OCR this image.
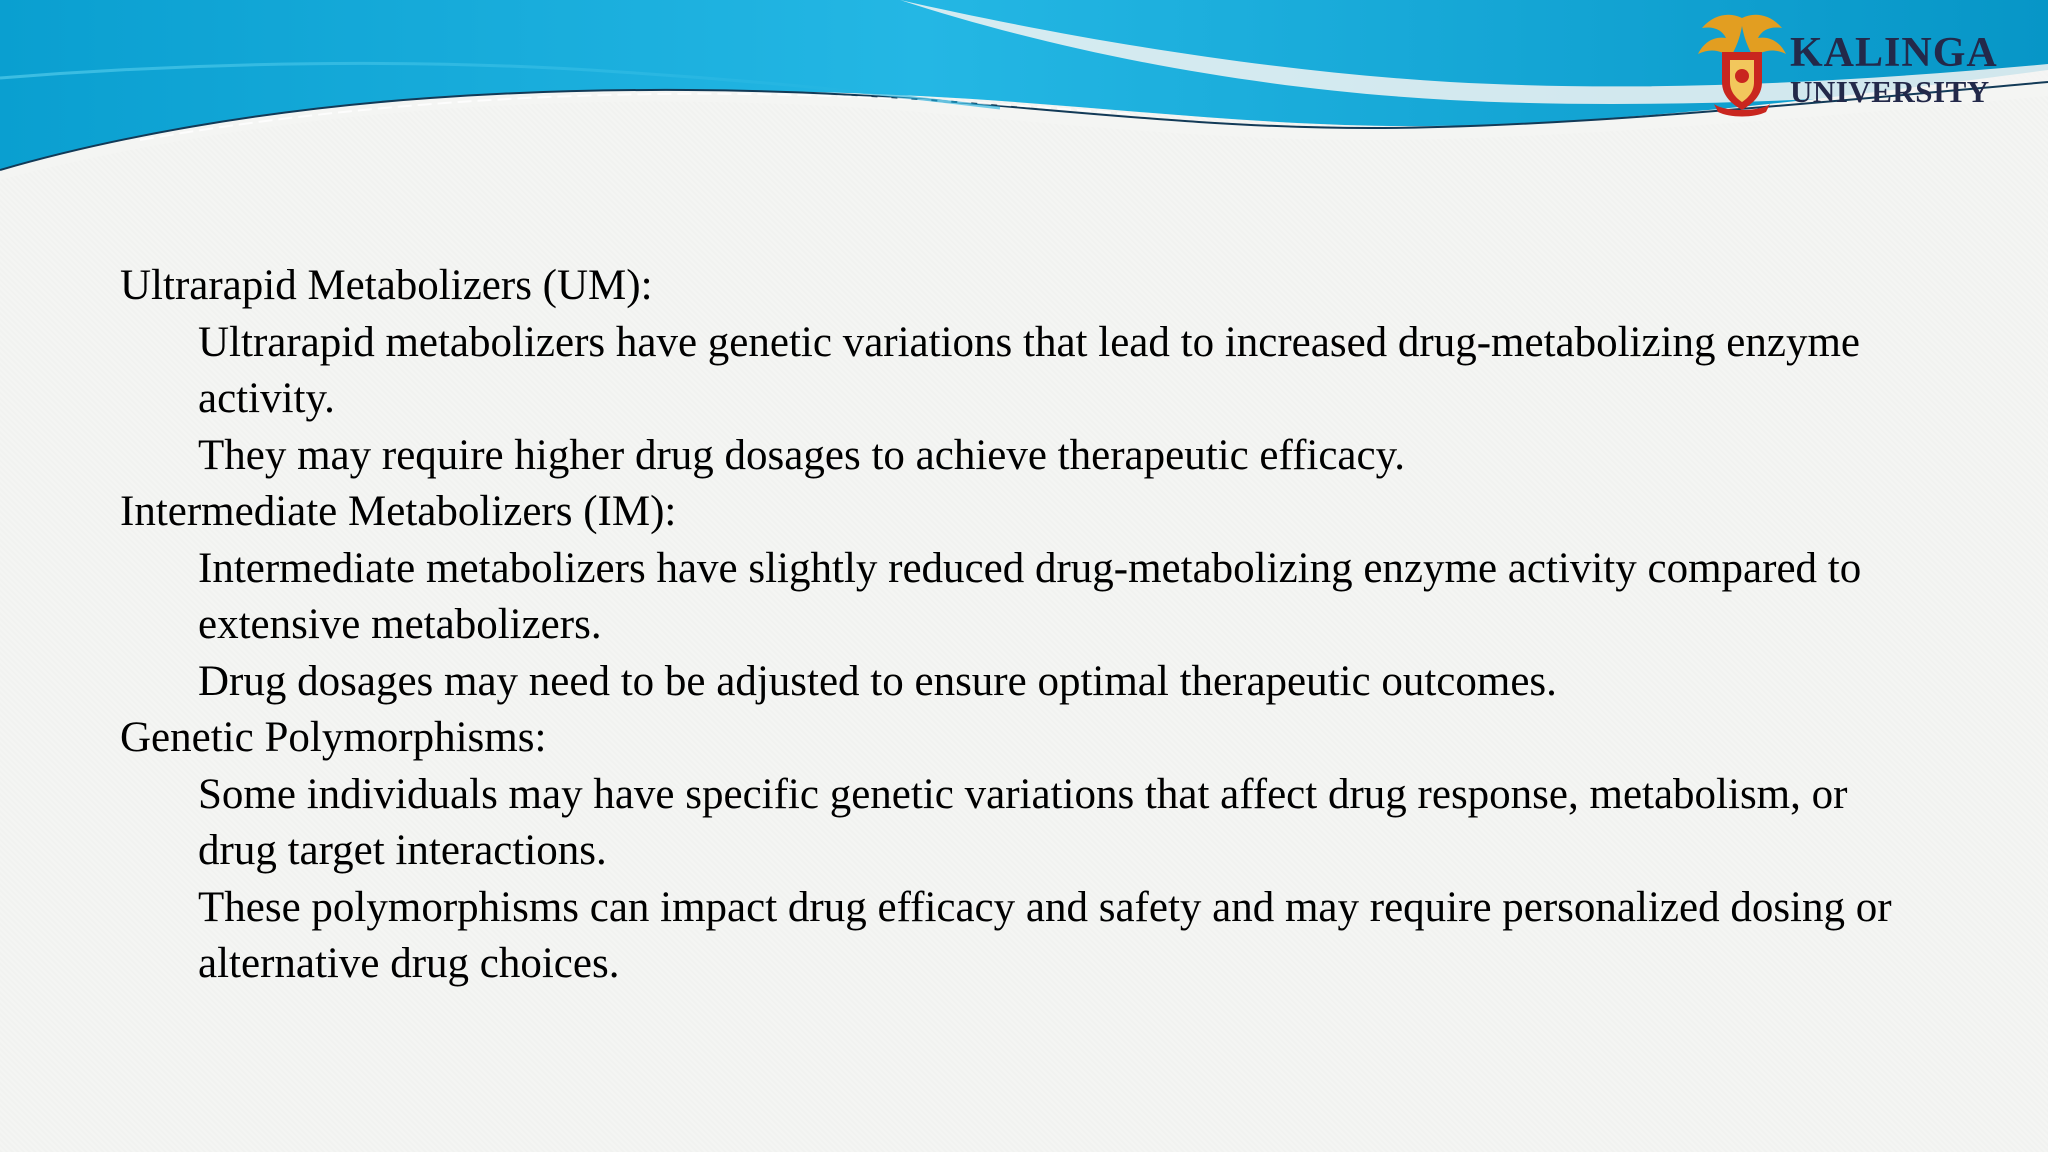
KALINGA
UNIVERSITY

Ultrarapid Metabolizers (UM):

Ultrarapid metabolizers have genetic variations that lead to increased drug-metabolizing enzyme activity.

They may require higher drug dosages to achieve therapeutic efficacy.

Intermediate Metabolizers (IM):

Intermediate metabolizers have slightly reduced drug-metabolizing enzyme activity compared to extensive metabolizers.

Drug dosages may need to be adjusted to ensure optimal therapeutic outcomes.

Genetic Polymorphisms:

Some individuals may have specific genetic variations that affect drug response, metabolism, or drug target interactions.

These polymorphisms can impact drug efficacy and safety and may require personalized dosing or alternative drug choices.
